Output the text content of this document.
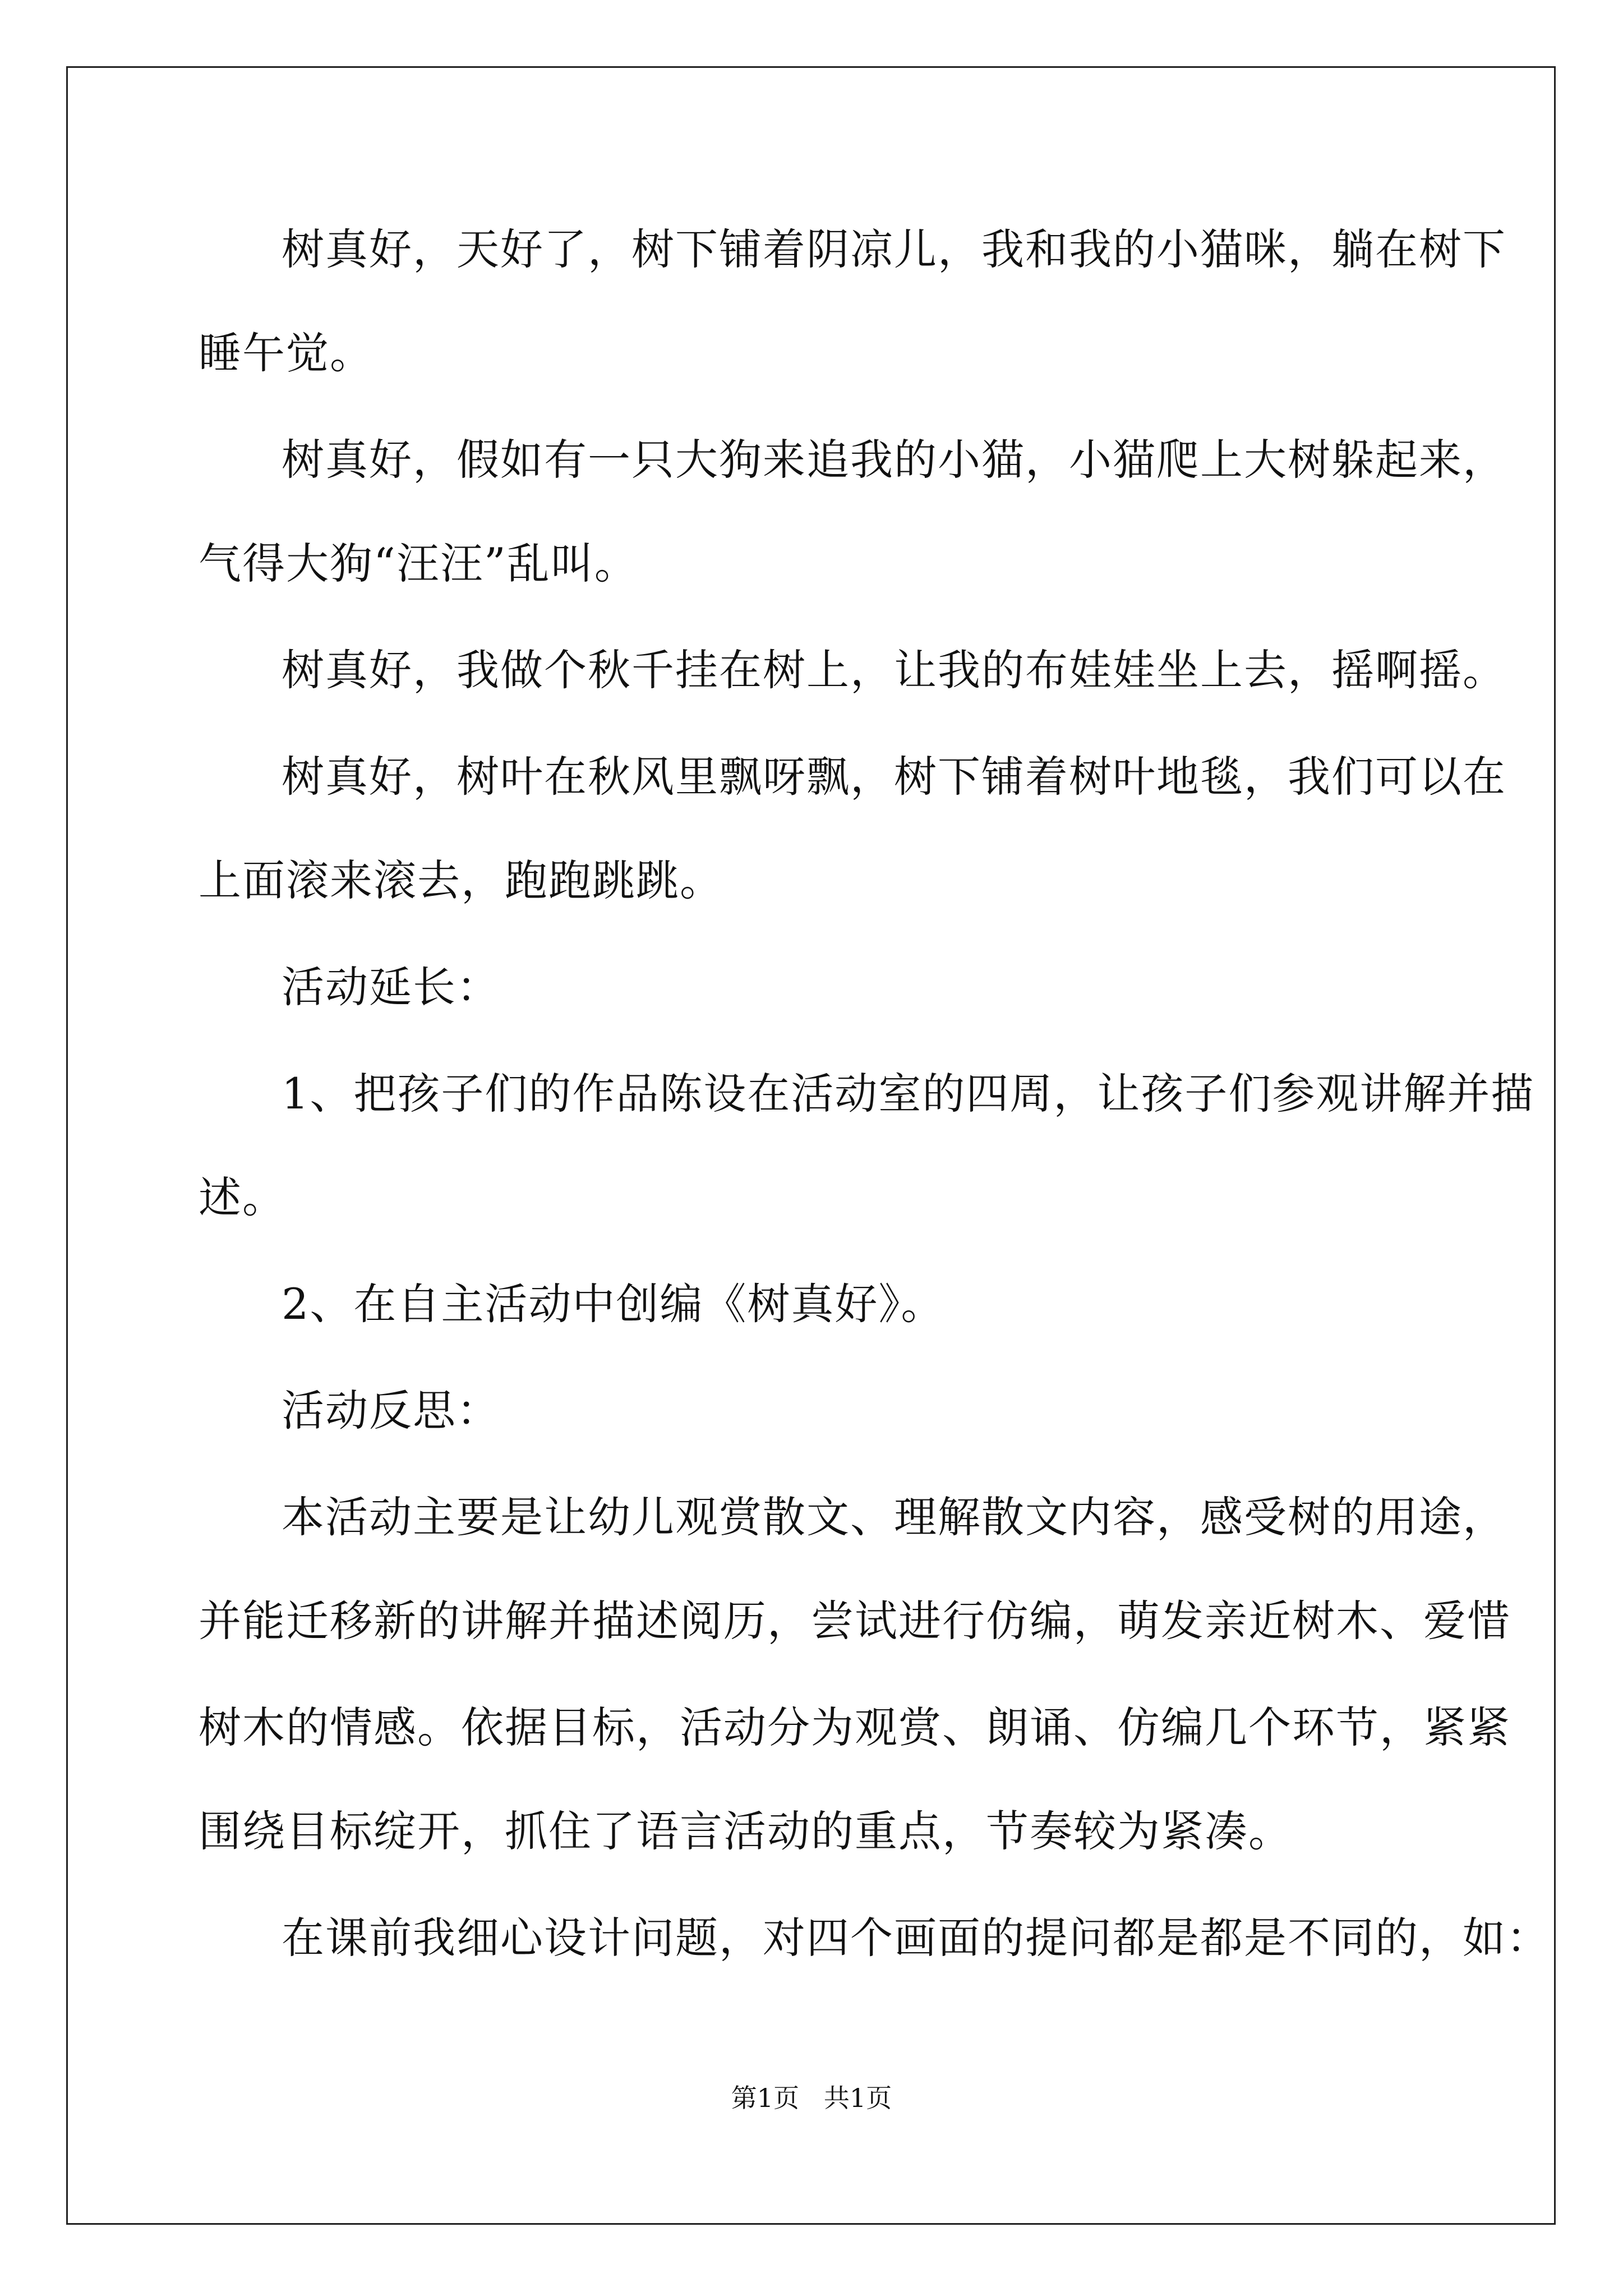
树真好，天好了，树下铺着阴凉儿，我和我的小猫咪，躺在树下
睡午觉。
树真好，假如有一只大狗来追我的小猫，小猫爬上大树躲起来，
气得大狗“汪汪”乱叫。
树真好，我做个秋千挂在树上，让我的布娃娃坐上去，摇啊摇。
树真好，树叶在秋风里飘呀飘，树下铺着树叶地毯，我们可以在
上面滚来滚去，跑跑跳跳。
活动延长：
1、把孩子们的作品陈设在活动室的四周，让孩子们参观讲解并描
述。
2、在自主活动中创编《树真好》。
活动反思：
本活动主要是让幼儿观赏散文、理解散文内容，感受树的用途，
并能迁移新的讲解并描述阅历，尝试进行仿编，萌发亲近树木、爱惜
树木的情感。依据目标，活动分为观赏、朗诵、仿编几个环节，紧紧
围绕目标绽开，抓住了语言活动的重点，节奏较为紧凑。
在课前我细心设计问题，对四个画面的提问都是都是不同的，如：
第1页   共1页
